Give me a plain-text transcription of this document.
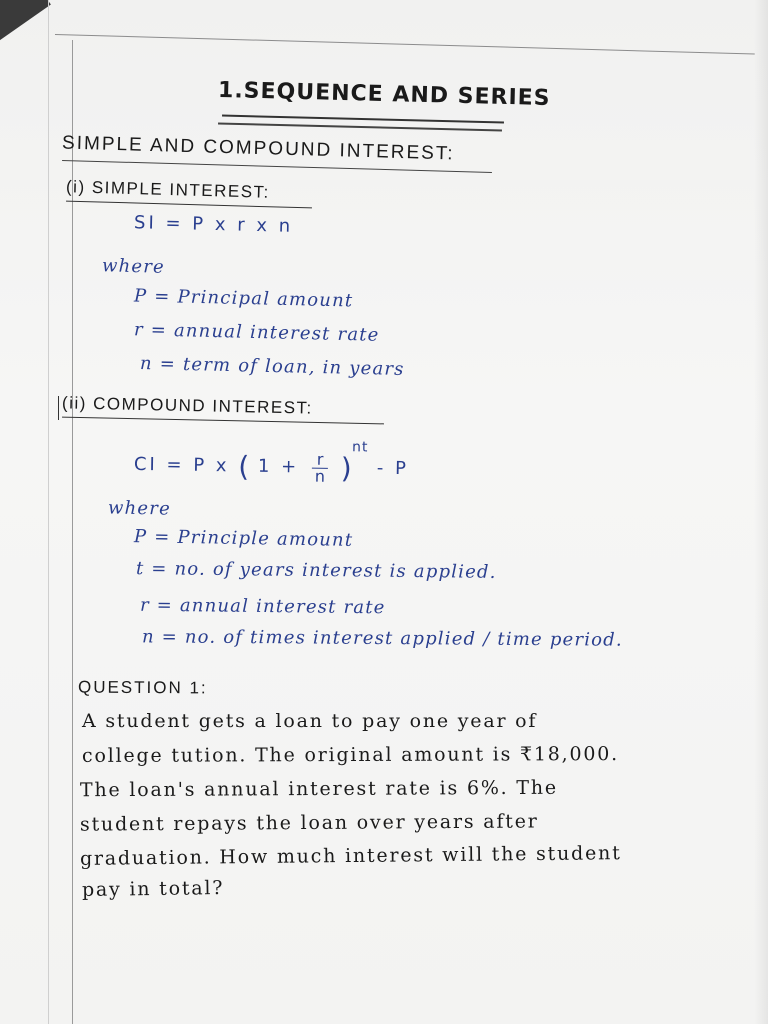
1.SEQUENCE AND SERIES
SIMPLE AND COMPOUND INTEREST:
(i) SIMPLE INTEREST:
SI = P x r x n
where
P = Principal amount
r = annual interest rate
n = term of loan, in years
(ii) COMPOUND INTEREST:
CI = P x ( $1 + \frac{r}{n} )^{nt} - P$
where
P = Principle amount
t = no. of years interest is applied.
r = annual interest rate
n = no. of times interest applied / time period.
QUESTION 1:
A student gets a loan to pay one year of
college tution. The original amount is ₹18,000.
The loan's annual interest rate is 6%. The
student repays the loan over years after
graduation. How much interest will the student
pay in total?
